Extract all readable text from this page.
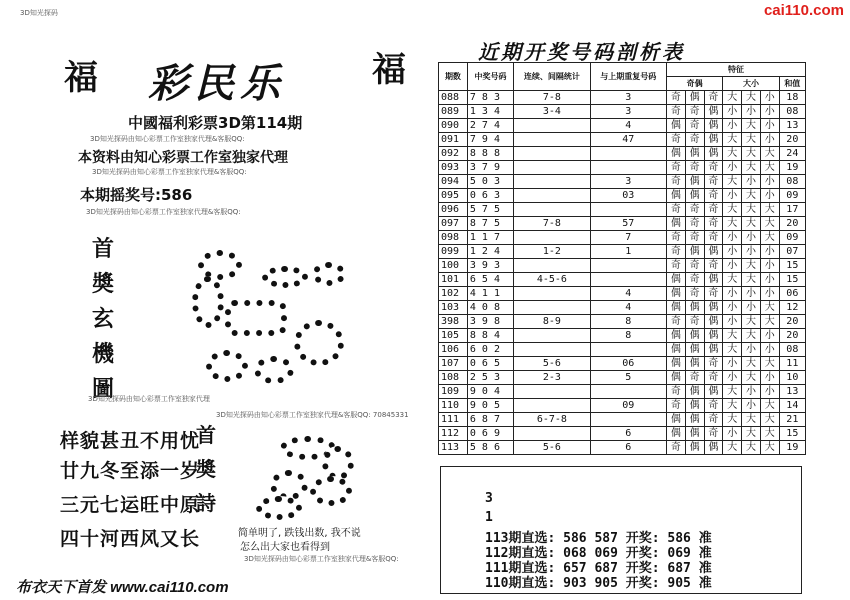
cai110.com
3D知光探码
福	福
彩民乐
中國福利彩票3D第114期
3D知光探码由知心彩票工作室独家代理&客服QQ:
本资料由知心彩票工作室独家代理
3D知光探码由知心彩票工作室独家代理&客服QQ:
本期摇奖号:586
3D知光探码由知心彩票工作室独家代理&客服QQ:
首
奬
玄
機
圖
3D知光探码由知心彩票工作室独家代理
3D知光探码由知心彩票工作室独家代理&客服QQ: 70845331
样貌甚丑不用忧
廿九冬至添一岁
三元七运旺中原
四十河西风又长
首
奬
詩
简单明了, 跌钱出数, 我不说
怎么出大家也看得到
3D知光探码由知心彩票工作室独家代理&客服QQ:
布衣天下首发 www.cai110.com
近期开奖号码剖析表
期数	中奖号码	连续、间隔统计	与上期重复号码	特征						
				奇偶			大小			和值
088	7 8 3	7-8	3	奇	偶	奇	大	大	小	18
089	1 3 4	3-4	3	奇	奇	偶	小	小	小	08
090	2 7 4		4	偶	奇	偶	小	大	小	13
091	7 9 4		47	奇	奇	偶	大	大	小	20
092	8 8 8			偶	偶	偶	大	大	大	24
093	3 7 9			奇	奇	奇	小	大	大	19
094	5 0 3		3	奇	偶	奇	大	小	小	08
095	0 6 3		03	偶	偶	奇	小	大	小	09
096	5 7 5			奇	奇	奇	大	大	大	17
097	8 7 5	7-8	57	偶	奇	奇	大	大	大	20
098	1 1 7		7	奇	奇	奇	小	小	大	09
099	1 2 4	1-2	1	奇	偶	偶	小	小	小	07
100	3 9 3			奇	奇	奇	小	大	小	15
101	6 5 4	4-5-6		偶	奇	偶	大	大	小	15
102	4 1 1		4	偶	奇	奇	小	小	小	06
103	4 0 8		4	偶	偶	偶	小	小	大	12
398	3 9 8	8-9	8	奇	奇	偶	小	大	大	20
105	8 8 4		8	偶	偶	偶	大	大	小	20
106	6 0 2			偶	偶	偶	大	小	小	08
107	0 6 5	5-6	06	偶	偶	奇	小	大	大	11
108	2 5 3	2-3	5	偶	奇	奇	小	大	小	10
109	9 0 4			奇	偶	偶	大	小	小	13
110	9 0 5		09	奇	偶	奇	大	小	大	14
111	6 8 7	6-7-8		偶	偶	奇	大	大	大	21
112	0 6 9		6	偶	偶	奇	小	大	大	15
113	5 8 6	5-6	6	奇	偶	偶	大	大	大	19
3
1
113期直选: 586 587 开奖: 586 准
112期直选: 068 069 开奖: 069 准
111期直选: 657 687 开奖: 687 准
110期直选: 903 905 开奖: 905 准
